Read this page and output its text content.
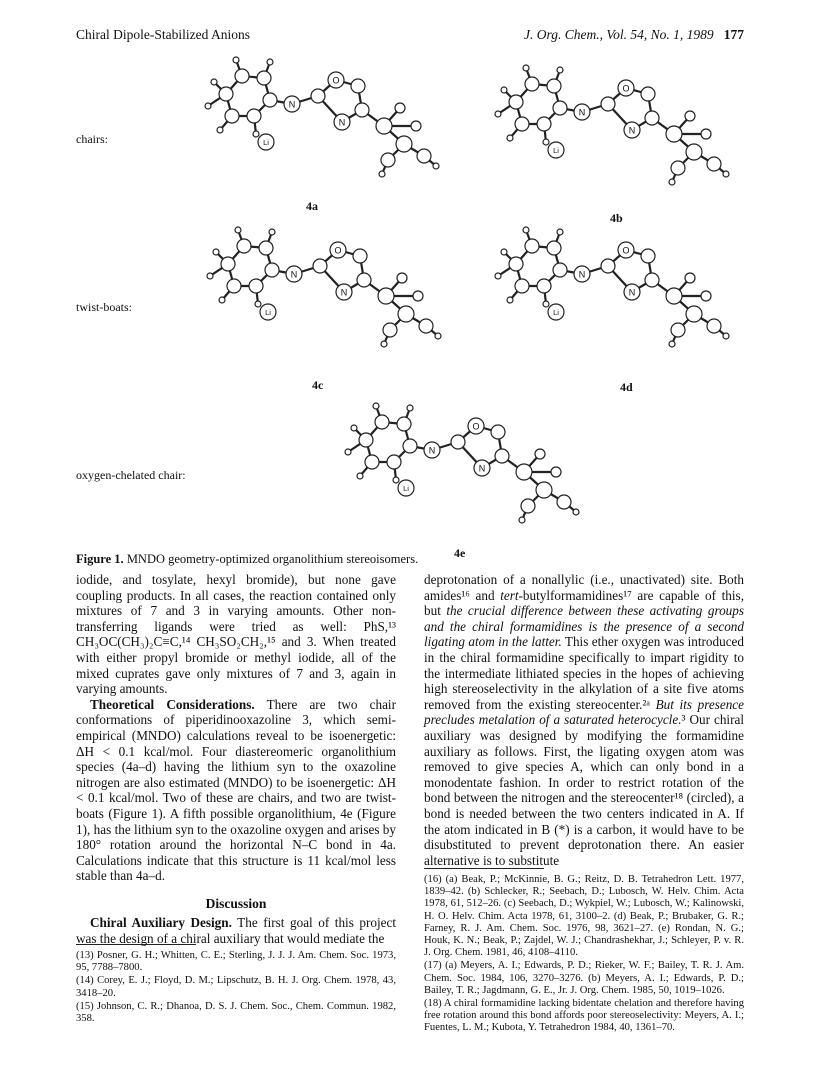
Chiral Dipole-Stabilized Anions	J. Org. Chem., Vol. 54, No. 1, 1989 177
N
O
N
Li
N
O
N
Li
N
O
N
Li
N
O
N
Li
N
O
N
Li
chairs:
twist-boats:
oxygen-chelated chair:
4a
4b
4c	4d
4e
Figure 1. MNDO geometry-optimized organolithium stereoisomers.

iodide, and tosylate, hexyl bromide), but none gave coupling products. In all cases, the reaction contained only mixtures of 7 and 3 in varying amounts. Other non-transferring ligands were tried as well: PhS,¹³ CH₃OC(CH₃)₂C≡C,¹⁴ CH₃SO₂CH₂,¹⁵ and 3. When treated with either propyl bromide or methyl iodide, all of the mixed cuprates gave only mixtures of 7 and 3, again in varying amounts.

Theoretical Considerations. There are two chair conformations of piperidinooxazoline 3, which semi-empirical (MNDO) calculations reveal to be isoenergetic: ΔH < 0.1 kcal/mol. Four diastereomeric organolithium species (4a–d) having the lithium syn to the oxazoline nitrogen are also estimated (MNDO) to be isoenergetic: ΔH < 0.1 kcal/mol. Two of these are chairs, and two are twist-boats (Figure 1). A fifth possible organolithium, 4e (Figure 1), has the lithium syn to the oxazoline oxygen and arises by 180° rotation around the horizontal N–C bond in 4a. Calculations indicate that this structure is 11 kcal/mol less stable than 4a–d.

Discussion

Chiral Auxiliary Design. The first goal of this project was the design of a chiral auxiliary that would mediate the

deprotonation of a nonallylic (i.e., unactivated) site. Both amides¹⁶ and tert-butylformamidines¹⁷ are capable of this, but the crucial difference between these activating groups and the chiral formamidines is the presence of a second ligating atom in the latter. This ether oxygen was introduced in the chiral formamidine specifically to impart rigidity to the intermediate lithiated species in the hopes of achieving high stereoselectivity in the alkylation of a site five atoms removed from the existing stereocenter.²ᵃ But its presence precludes metalation of a saturated heterocycle.³ Our chiral auxiliary was designed by modifying the formamidine auxiliary as follows. First, the ligating oxygen atom was removed to give species A, which can only bond in a monodentate fashion. In order to restrict rotation of the bond between the nitrogen and the stereocenter¹⁸ (circled), a bond is needed between the two centers indicated in A. If the atom indicated in B (*) is a carbon, it would have to be disubstituted to prevent deprotonation there. An easier alternative is to substitute

(13) Posner, G. H.; Whitten, C. E.; Sterling, J. J. J. Am. Chem. Soc. 1973, 95, 7788–7800.

(14) Corey, E. J.; Floyd, D. M.; Lipschutz, B. H. J. Org. Chem. 1978, 43, 3418–20.

(15) Johnson, C. R.; Dhanoa, D. S. J. Chem. Soc., Chem. Commun. 1982, 358.

(16) (a) Beak, P.; McKinnie, B. G.; Reitz, D. B. Tetrahedron Lett. 1977, 1839–42. (b) Schlecker, R.; Seebach, D.; Lubosch, W. Helv. Chim. Acta 1978, 61, 512–26. (c) Seebach, D.; Wykpiel, W.; Lubosch, W.; Kalinowski, H. O. Helv. Chim. Acta 1978, 61, 3100–2. (d) Beak, P.; Brubaker, G. R.; Farney, R. J. Am. Chem. Soc. 1976, 98, 3621–27. (e) Rondan, N. G.; Houk, K. N.; Beak, P.; Zajdel, W. J.; Chandrashekhar, J.; Schleyer, P. v. R. J. Org. Chem. 1981, 46, 4108–4110.

(17) (a) Meyers, A. I.; Edwards, P. D.; Rieker, W. F.; Bailey, T. R. J. Am. Chem. Soc. 1984, 106, 3270–3276. (b) Meyers, A. I.; Edwards, P. D.; Bailey, T. R.; Jagdmann, G. E., Jr. J. Org. Chem. 1985, 50, 1019–1026.

(18) A chiral formamidine lacking bidentate chelation and therefore having free rotation around this bond affords poor stereoselectivity: Meyers, A. I.; Fuentes, L. M.; Kubota, Y. Tetrahedron 1984, 40, 1361–70.
